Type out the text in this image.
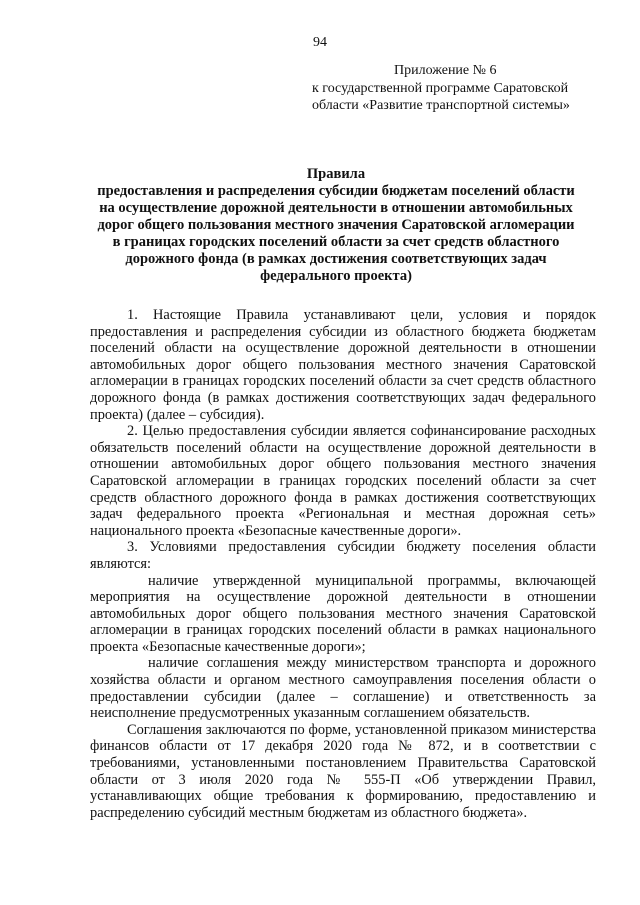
94
Приложение № 6
к государственной программе Саратовской
области «Развитие транспортной системы»
Правила
предоставления и распределения субсидии бюджетам поселений области
на осуществление дорожной деятельности в отношении автомобильных
дорог общего пользования местного значения Саратовской агломерации
в границах городских поселений области за счет средств областного
дорожного фонда (в рамках достижения соответствующих задач
федерального проекта)

1. Настоящие Правила устанавливают цели, условия и порядок предоставления и распределения субсидии из областного бюджета бюджетам поселений области на осуществление дорожной деятельности в отношении автомобильных дорог общего пользования местного значения Саратовской агломерации в границах городских поселений области за счет средств областного дорожного фонда (в рамках достижения соответствующих задач федерального проекта) (далее – субсидия).

2. Целью предоставления субсидии является софинансирование расходных обязательств поселений области на осуществление дорожной деятельности в отношении автомобильных дорог общего пользования местного значения Саратовской агломерации в границах городских поселений области за счет средств областного дорожного фонда в рамках достижения соответствующих задач федерального проекта «Региональная и местная дорожная сеть» национального проекта «Безопасные качественные дороги».

3. Условиями предоставления субсидии бюджету поселения области являются:

наличие утвержденной муниципальной программы, включающей мероприятия на осуществление дорожной деятельности в отношении автомобильных дорог общего пользования местного значения Саратовской агломерации в границах городских поселений области в рамках национального проекта «Безопасные качественные дороги»;

наличие соглашения между министерством транспорта и дорожного хозяйства области и органом местного самоуправления поселения области о предоставлении субсидии (далее – соглашение) и ответственность за неисполнение предусмотренных указанным соглашением обязательств.

Соглашения заключаются по форме, установленной приказом министерства финансов области от 17 декабря 2020 года № 872, и в соответствии с требованиями, установленными постановлением Правительства Саратовской области от 3 июля 2020 года № 555-П «Об утверждении Правил, устанавливающих общие требования к формированию, предоставлению и распределению субсидий местным бюджетам из областного бюджета».
